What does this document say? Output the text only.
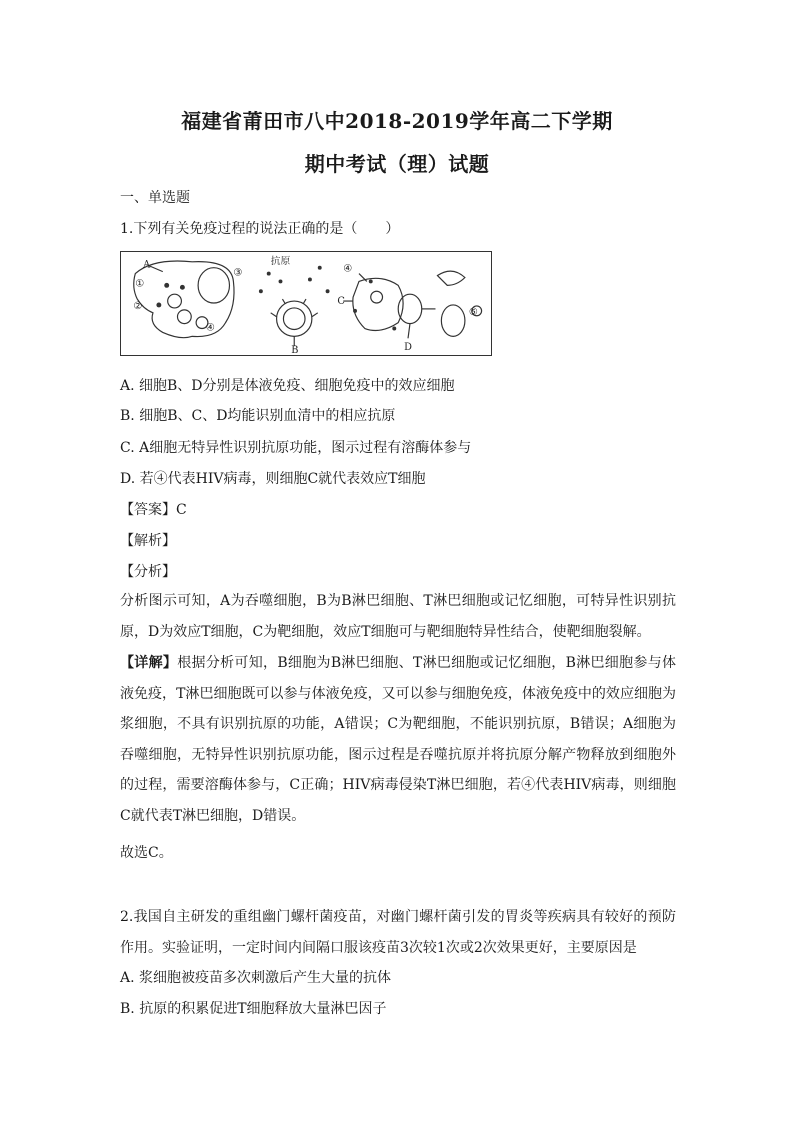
福建省莆田市八中2018-2019学年高二下学期
期中考试（理）试题
一、单选题
1.下列有关免疫过程的说法正确的是（　　）
A
①
②
③
④
抗原
B
④
C
D
⑤
A. 细胞B、D分别是体液免疫、细胞免疫中的效应细胞
B. 细胞B、C、D均能识别血清中的相应抗原
C. A细胞无特异性识别抗原功能，图示过程有溶酶体参与
D. 若④代表HIV病毒，则细胞C就代表效应T细胞
【答案】C
【解析】
【分析】
分析图示可知，A为吞噬细胞，B为B淋巴细胞、T淋巴细胞或记忆细胞，可特异性识别抗原，D为效应T细胞，C为靶细胞，效应T细胞可与靶细胞特异性结合，使靶细胞裂解。
【详解】根据分析可知，B细胞为B淋巴细胞、T淋巴细胞或记忆细胞，B淋巴细胞参与体液免疫，T淋巴细胞既可以参与体液免疫，又可以参与细胞免疫，体液免疫中的效应细胞为浆细胞，不具有识别抗原的功能，A错误；C为靶细胞，不能识别抗原，B错误；A细胞为吞噬细胞，无特异性识别抗原功能，图示过程是吞噬抗原并将抗原分解产物释放到细胞外的过程，需要溶酶体参与，C正确；HIV病毒侵染T淋巴细胞，若④代表HIV病毒，则细胞C就代表T淋巴细胞，D错误。
故选C。
2.我国自主研发的重组幽门螺杆菌疫苗，对幽门螺杆菌引发的胃炎等疾病具有较好的预防作用。实验证明，一定时间内间隔口服该疫苗3次较1次或2次效果更好，主要原因是
A. 浆细胞被疫苗多次刺激后产生大量的抗体
B. 抗原的积累促进T细胞释放大量淋巴因子
